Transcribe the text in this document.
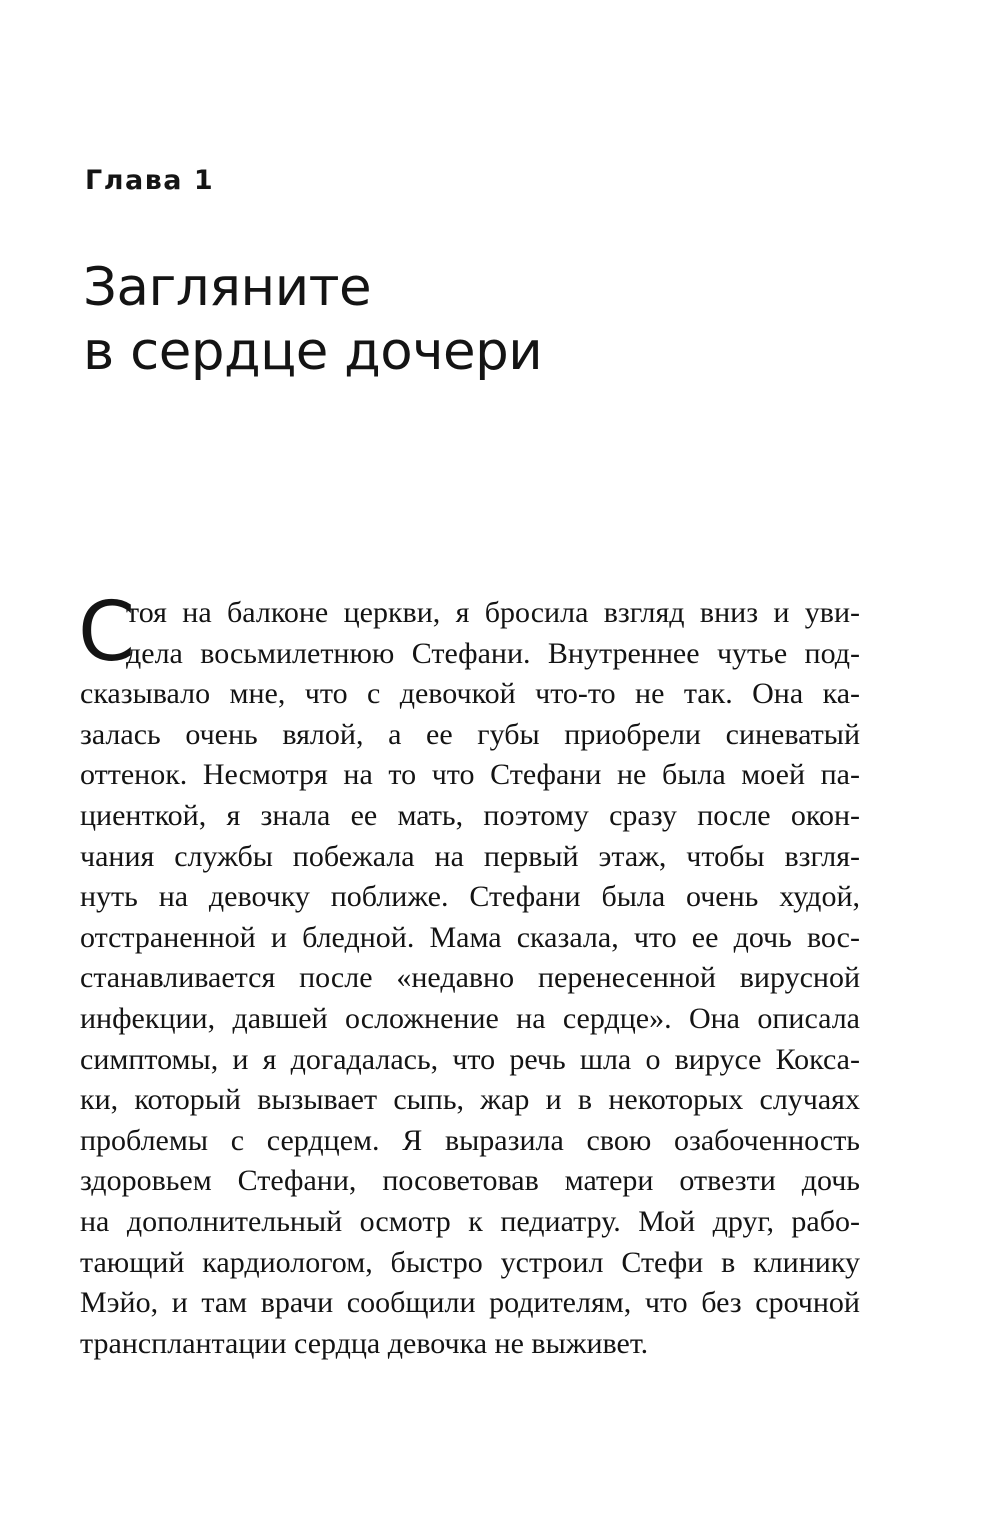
Глава 1
Загляните
в сердце дочери
С
тоя на балконе церкви, я бросила взгляд вниз и уви-
дела восьмилетнюю Стефани. Внутреннее чутье под-
сказывало мне, что с девочкой что-то не так. Она ка-
залась очень вялой, а ее губы приобрели синеватый
оттенок. Несмотря на то что Стефани не была моей па-
циенткой, я знала ее мать, поэтому сразу после окон-
чания службы побежала на первый этаж, чтобы взгля-
нуть на девочку поближе. Стефани была очень худой,
отстраненной и бледной. Мама сказала, что ее дочь вос-
станавливается после «недавно перенесенной вирусной
инфекции, давшей осложнение на сердце». Она описала
симптомы, и я догадалась, что речь шла о вирусе Кокса-
ки, который вызывает сыпь, жар и в некоторых случаях
проблемы с сердцем. Я выразила свою озабоченность
здоровьем Стефани, посоветовав матери отвезти дочь
на дополнительный осмотр к педиатру. Мой друг, рабо-
тающий кардиологом, быстро устроил Стефи в клинику
Мэйо, и там врачи сообщили родителям, что без срочной
трансплантации сердца девочка не выживет.
